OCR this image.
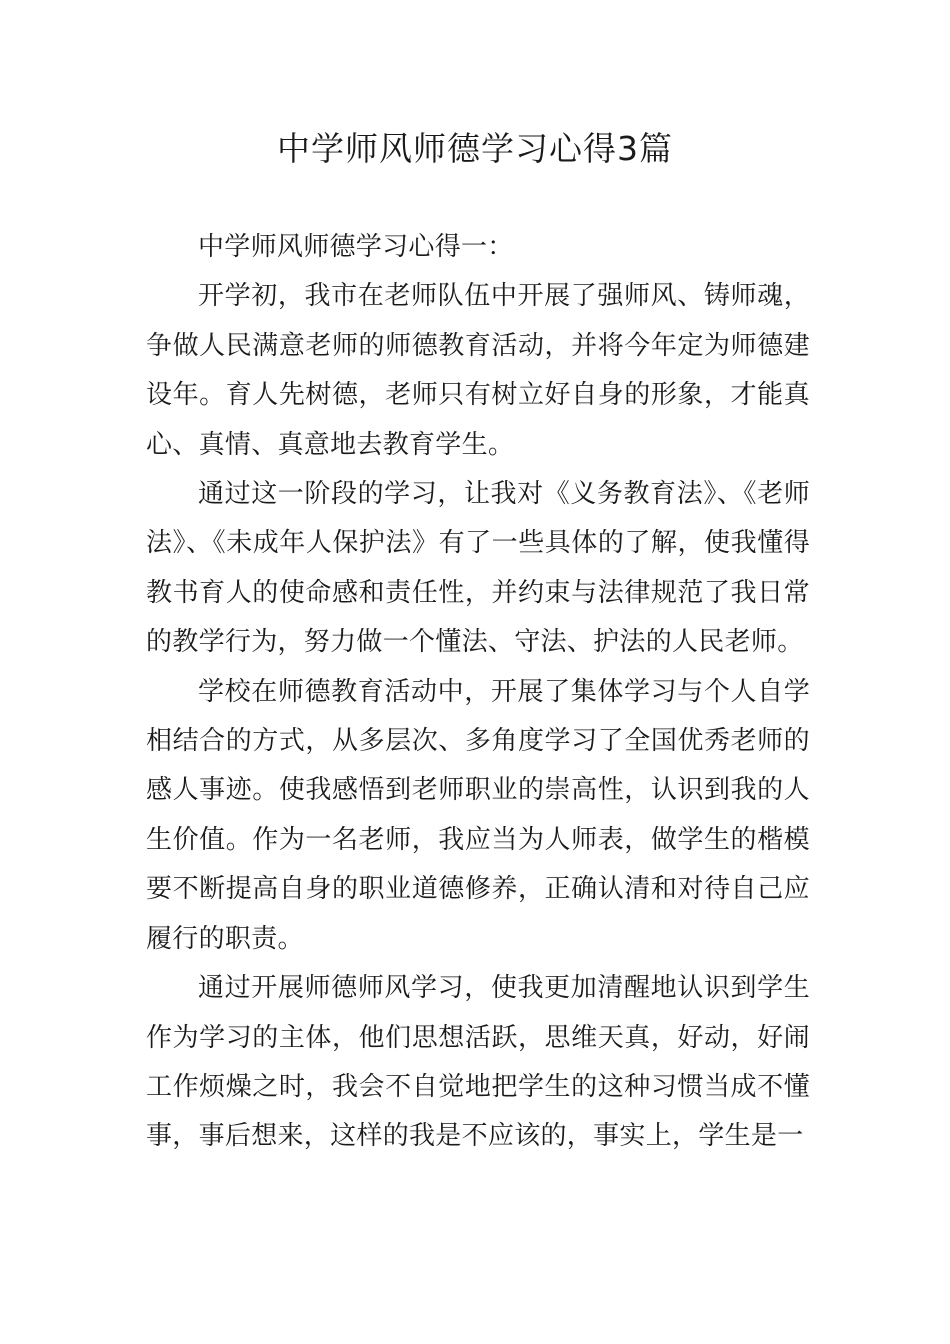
中学师风师德学习心得3篇

中学师风师德学习心得一：

开学初，我市在老师队伍中开展了强师风、铸师魂，争做人民满意老师的师德教育活动，并将今年定为师德建设年。育人先树德，老师只有树立好自身的形象，才能真心、真情、真意地去教育学生。

通过这一阶段的学习，让我对《义务教育法》、《老师法》、《未成年人保护法》有了一些具体的了解，使我懂得教书育人的使命感和责任性，并约束与法律规范了我日常的教学行为，努力做一个懂法、守法、护法的人民老师。

学校在师德教育活动中，开展了集体学习与个人自学相结合的方式，从多层次、多角度学习了全国优秀老师的感人事迹。使我感悟到老师职业的崇高性，认识到我的人生价值。作为一名老师，我应当为人师表，做学生的楷模要不断提高自身的职业道德修养，正确认清和对待自己应履行的职责。

通过开展师德师风学习，使我更加清醒地认识到学生作为学习的主体，他们思想活跃，思维天真，好动，好闹工作烦燥之时，我会不自觉地把学生的这种习惯当成不懂事，事后想来，这样的我是不应该的，事实上，学生是一
